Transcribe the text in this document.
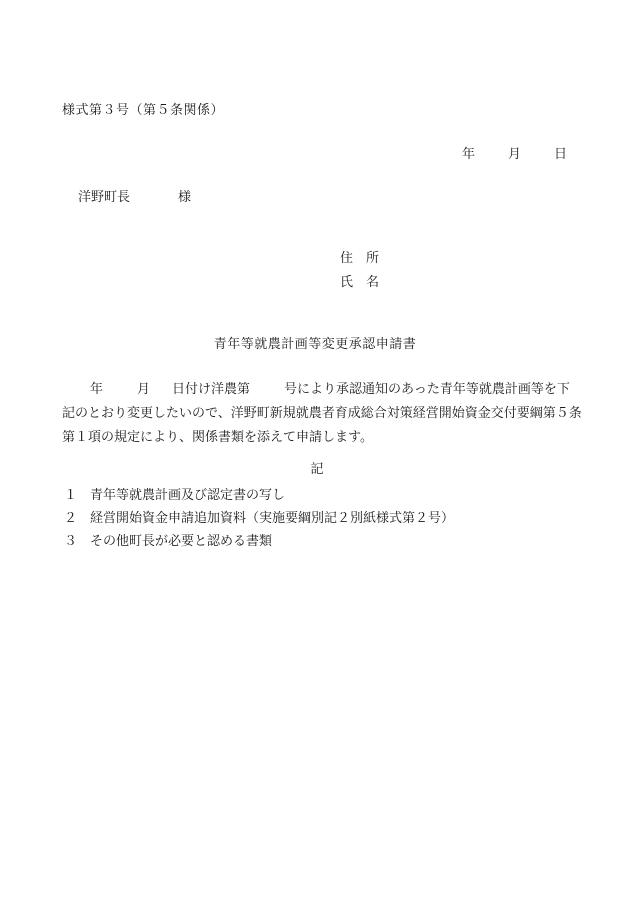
様式第３号（第５条関係）
年	月	日
洋野町長	様
住 所
氏 名
青年等就農計画等変更承認申請書
年	月 日付け洋農第	号により承認通知のあった青年等就農計画等を下記のとおり変更したいので、洋野町新規就農者育成総合対策経営開始資金交付要綱第５条第１項の規定により、関係書類を添えて申請します。
記
１ 青年等就農計画及び認定書の写し
２ 経営開始資金申請追加資料（実施要綱別記２別紙様式第２号）
３ その他町長が必要と認める書類
